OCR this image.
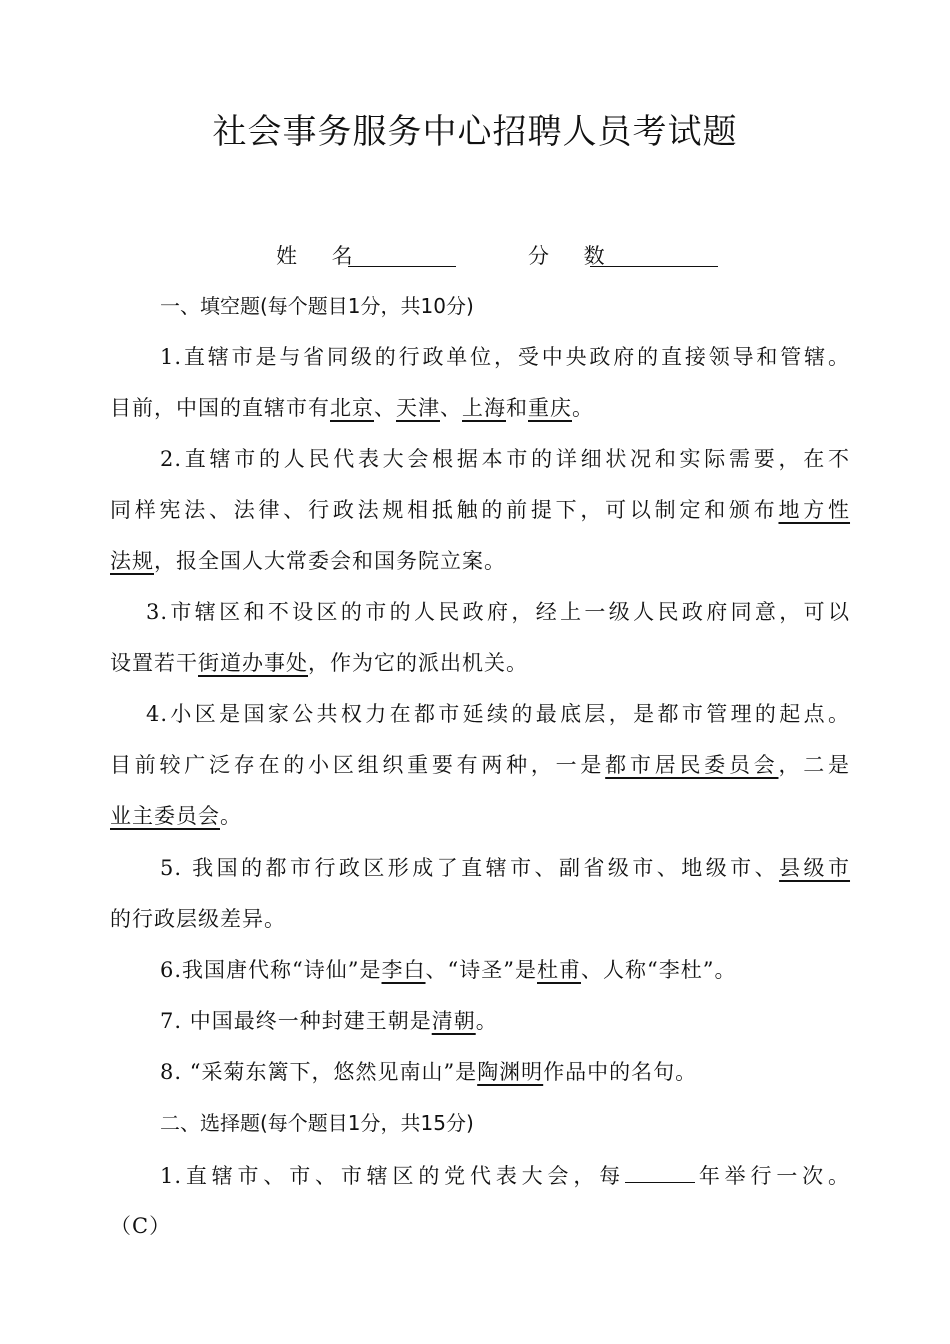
社会事务服务中心招聘人员考试题
姓 名	分 数
一、填空题(每个题目1分，共10分)
1.直辖市是与省同级的行政单位，受中央政府的直接领导和管辖。
目前，中国的直辖市有北京、天津、上海和重庆。
2.直辖市的人民代表大会根据本市的详细状况和实际需要，在不
同样宪法、法律、行政法规相抵触的前提下，可以制定和颁布地方性
法规，报全国人大常委会和国务院立案。
3.市辖区和不设区的市的人民政府，经上一级人民政府同意，可以
设置若干街道办事处，作为它的派出机关。
4.小区是国家公共权力在都市延续的最底层，是都市管理的起点。
目前较广泛存在的小区组织重要有两种，一是都市居民委员会，二是
业主委员会。
5. 我国的都市行政区形成了直辖市、副省级市、地级市、县级市
的行政层级差异。
6.我国唐代称“诗仙”是李白、“诗圣”是杜甫、人称“李杜”。
7. 中国最终一种封建王朝是清朝。
8. “采菊东篱下，悠然见南山”是陶渊明作品中的名句。
二、选择题(每个题目1分，共15分)
1.直辖市、市、市辖区的党代表大会，每	年举行一次。
（C）
